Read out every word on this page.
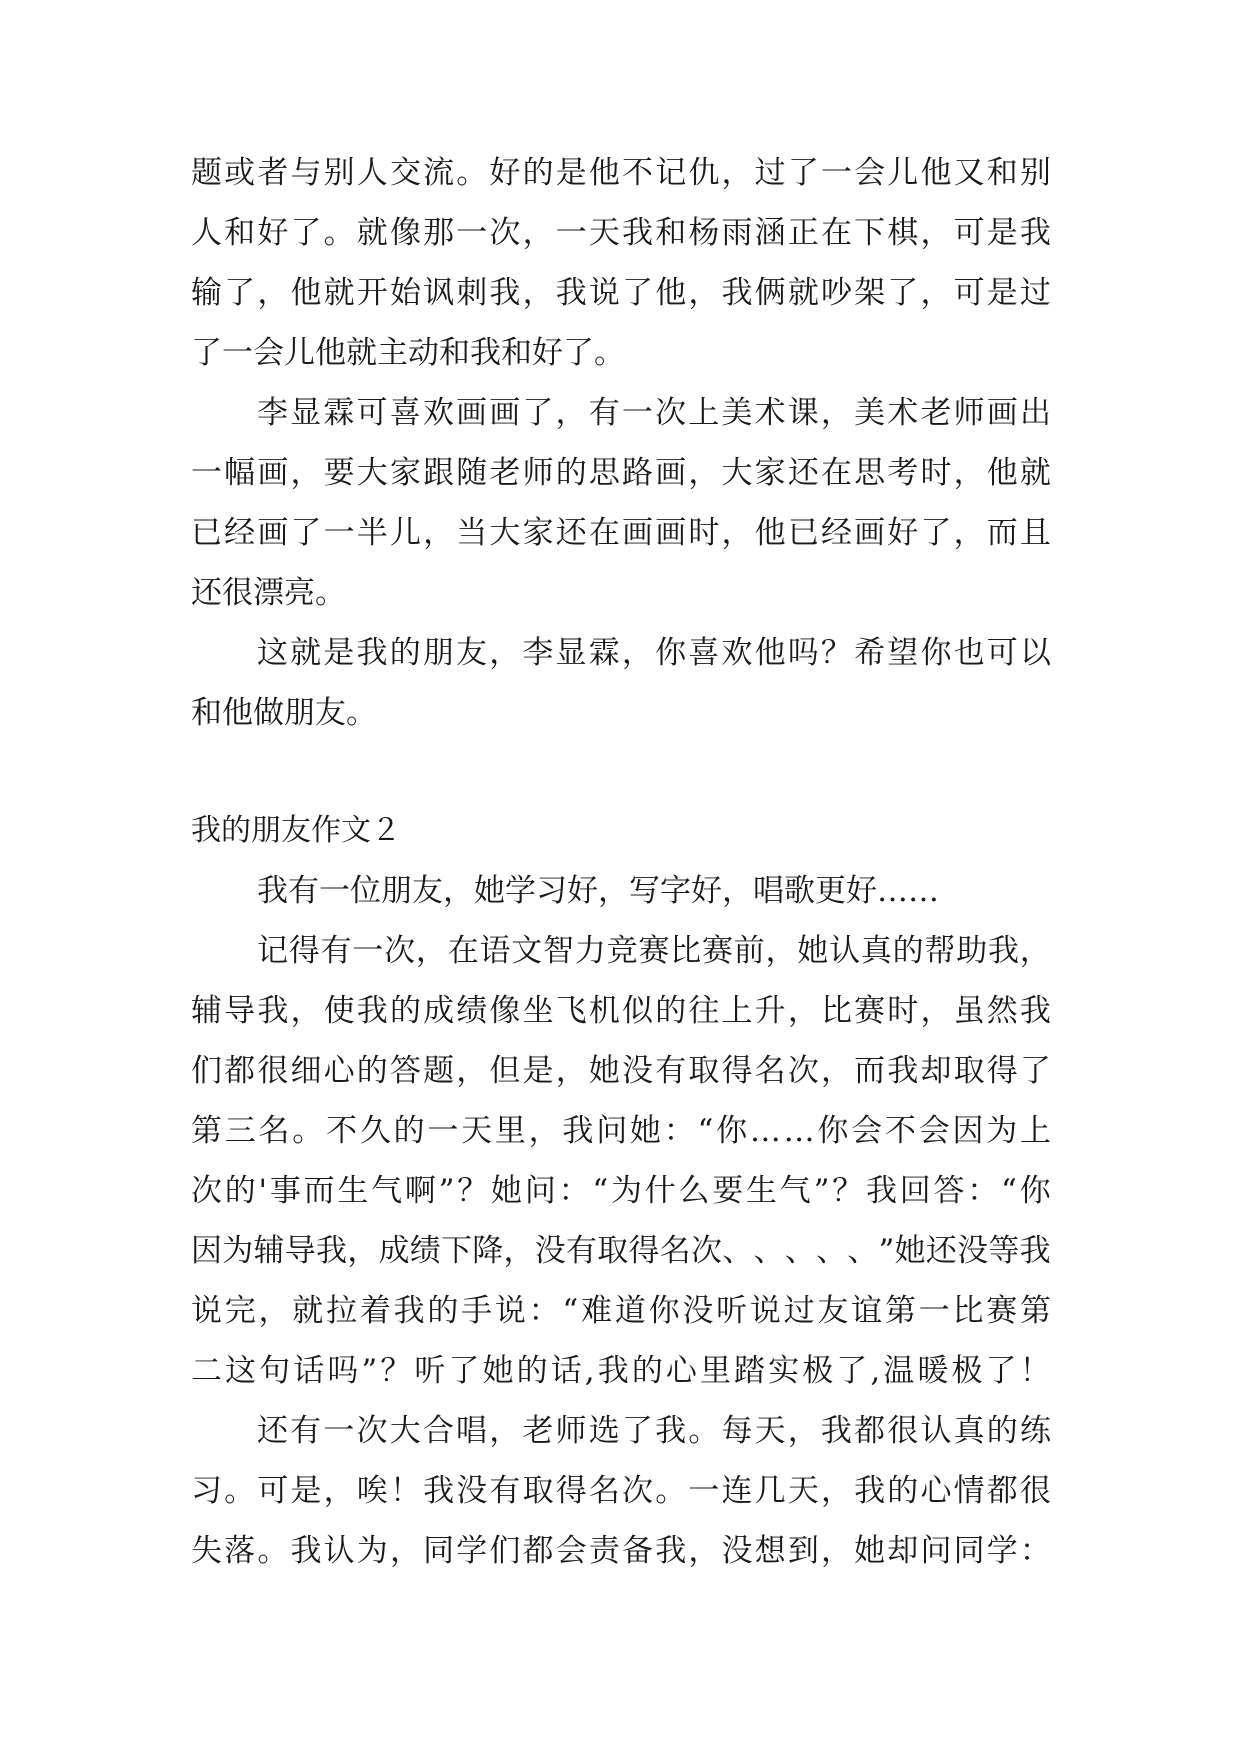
题 或 者 与 别 人 交 流 。 好 的 是 他 不 记 仇 ， 过 了 一 会 儿 他 又 和 别
人 和 好 了 。 就 像 那 一 次 ， 一 天 我 和 杨 雨 涵 正 在 下 棋 ， 可 是 我
输 了 ， 他 就 开 始 讽 刺 我 ， 我 说 了 他 ， 我 俩 就 吵 架 了 ， 可 是 过
了一会儿他就主动和我和好了。
李 显 霖 可 喜 欢 画 画 了 ， 有 一 次 上 美 术 课 ， 美 术 老 师 画 出
一 幅 画 ， 要 大 家 跟 随 老 师 的 思 路 画 ， 大 家 还 在 思 考 时 ， 他 就
已 经 画 了 一 半 儿 ， 当 大 家 还 在 画 画 时 ， 他 已 经 画 好 了 ， 而 且
还很漂亮。
这 就 是 我 的 朋 友 ， 李 显 霖 ， 你 喜 欢 他 吗 ？ 希 望 你 也 可 以
和他做朋友。
我的朋友作文２
我有一位朋友，她学习好，写字好，唱歌更好……
记 得 有 一 次 ， 在 语 文 智 力 竞 赛 比 赛 前 ， 她 认 真 的 帮 助 我 ，
辅 导 我 ， 使 我 的 成 绩 像 坐 飞 机 似 的 往 上 升 ， 比 赛 时 ， 虽 然 我
们 都 很 细 心 的 答 题 ， 但 是 ， 她 没 有 取 得 名 次 ， 而 我 却 取 得 了
第 三 名 。 不 久 的 一 天 里 ， 我 问 她 ： “ 你 … … 你 会 不 会 因 为 上
次 的 ' 事 而 生 气 啊 ” ？ 她 问 ： “ 为 什 么 要 生 气 ” ？ 我 回 答 ： “ 你
因 为 辅 导 我 ， 成 绩 下 降 ， 没 有 取 得 名 次 、 、 、 、 、 ” 她 还 没 等 我
说 完 ， 就 拉 着 我 的 手 说 ： “ 难 道 你 没 听 说 过 友 谊 第 一 比 赛 第
二 这 句 话 吗 ” ？ 听 了 她 的 话 , 我 的 心 里 踏 实 极 了 , 温 暖 极 了 ！
还 有 一 次 大 合 唱 ， 老 师 选 了 我 。 每 天 ， 我 都 很 认 真 的 练
习 。 可 是 ， 唉 ！ 我 没 有 取 得 名 次 。 一 连 几 天 ， 我 的 心 情 都 很
失 落 。 我 认 为 ， 同 学 们 都 会 责 备 我 ， 没 想 到 ， 她 却 问 同 学 ：
